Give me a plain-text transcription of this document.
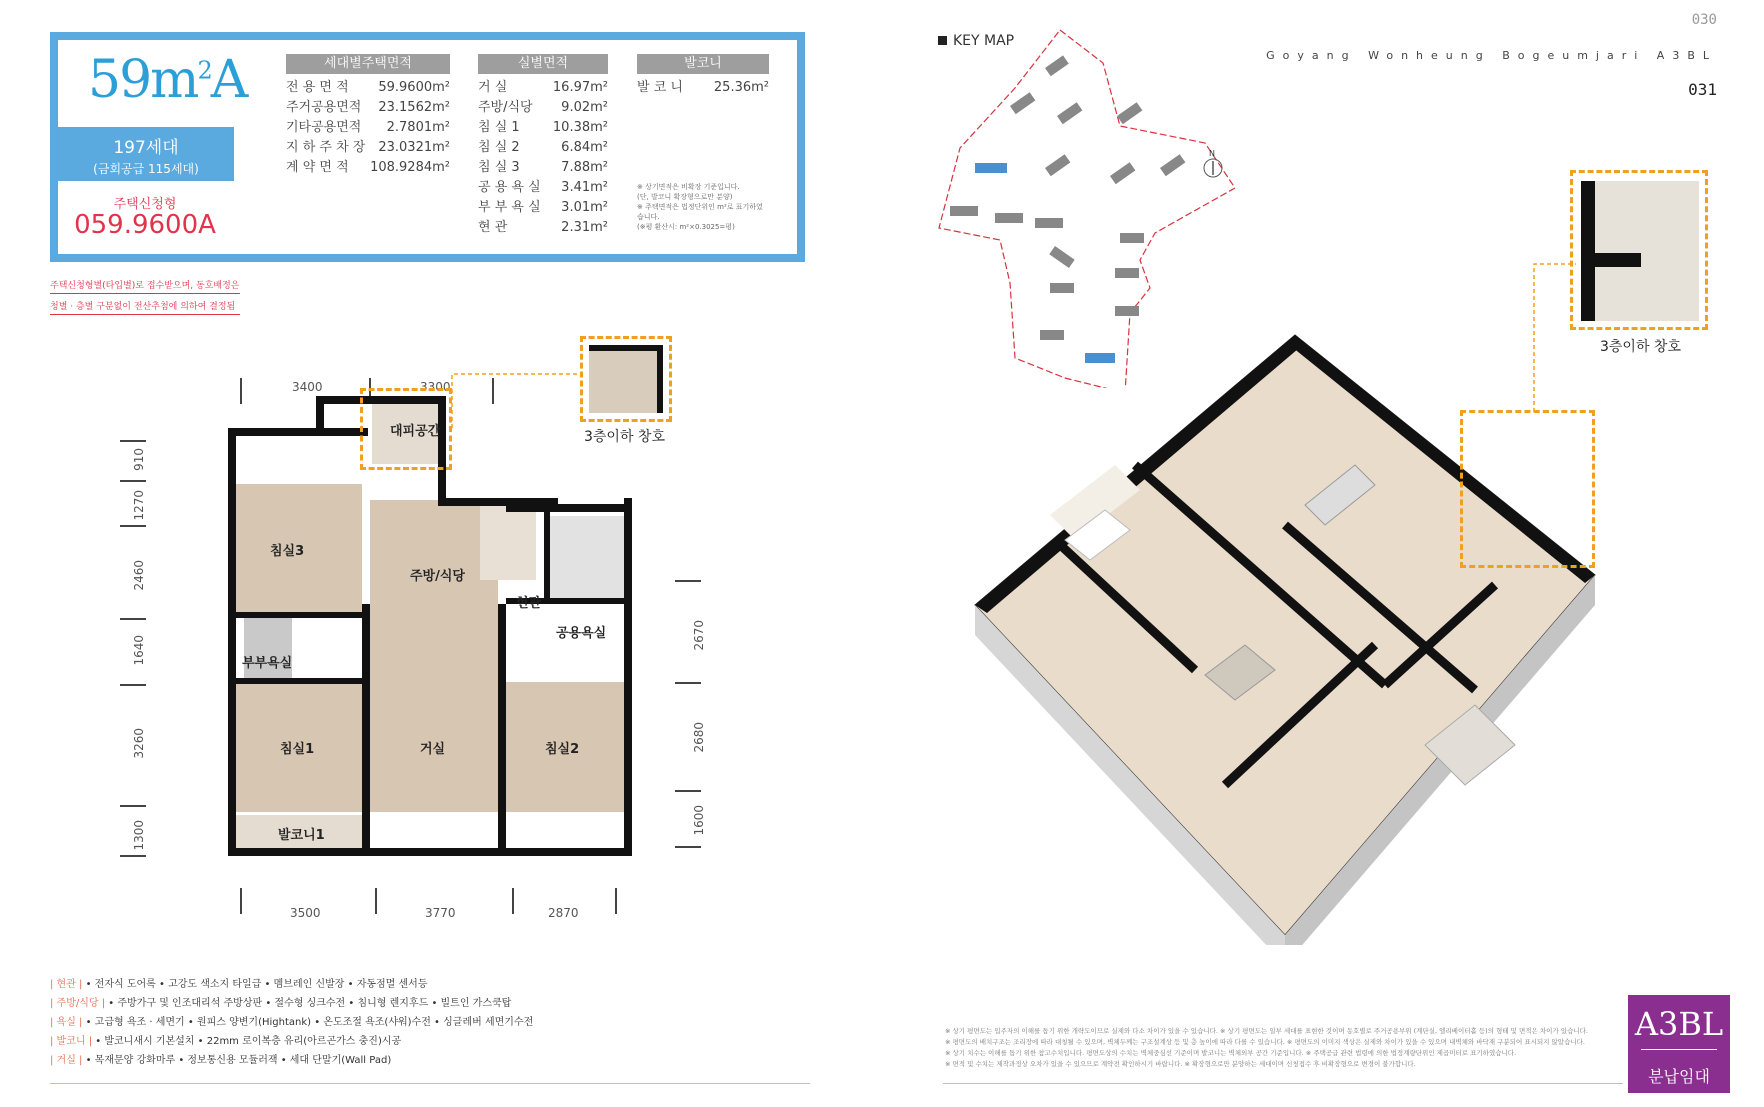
$59m^2A$
197세대
(금회공급 115세대)
주택신청형
059.9600A
세대별주택면적
전 용 면 적 59.9600m²
주거공용면적 23.1562m²
기타공용면적 2.7801m²
지 하 주 차 장 23.0321m²
계 약 면 적 108.9284m²
실별면적
거 실	16.97m²
주방/식당 9.02m²
침 실 1	10.38m²
침 실 2	6.84m²
침 실 3	7.88m²
공 용 욕 실 3.41m²
부 부 욕 실 3.01m²
현 관	2.31m²
발코니
발 코 니 25.36m²
※ 상기면적은 비확장 기준입니다.
(단, 발코니 확장형으로만 분양)
※ 주택면적은 법정단위인 m²로 표기하였습니다.
(※평 환산시: m²×0.3025=평)
주택신청형별(타입별)로 접수받으며, 동호배정은
청별 · 층별 구분없이 전산추첨에 의하여 결정됨
3400	3300
910
1270
2460
1640
3260
1300
2670
2680
1600
3500	3770	2870
3층이하 창호
대피공간
침실3
주방/식당
현관
부부욕실
공용욕실
침실1	거실	침실2
발코니1
| 현관 | • 전자식 도어록 • 고강도 색소지 타일급 • 멤브레인 신발장 • 자동점멸 센서등
| 주방/식당 | • 주방가구 및 인조대리석 주방상판 • 절수형 싱크수전 • 침니형 렌지후드 • 빌트인 가스쿡탑
| 욕실 | • 고급형 욕조 · 세면기 • 원피스 양변기(Hightank) • 온도조절 욕조(샤워)수전 • 싱글레버 세면기수전
| 발코니 | • 발코니새시 기본설치 • 22mm 로이복층 유리(아르곤가스 충진)시공
| 거실 | • 목재문양 강화마루 • 정보통신용 모듈러잭 • 세대 단말기(Wall Pad)
KEY MAP
030
Goyang Wonheung Bogeumjari A3BL
031
N
3층이하 창호
※ 상기 평면도는 입주자의 이해를 돕기 위한 개략도이므로 실제와 다소 차이가 있을 수 있습니다. ※ 상기 평면도는 일부 세대를 표현한 것이며 동호별로 주거공용부위 (계단실, 엘리베이터홀 등)의 형태 및 면적은 차이가 있습니다.
※ 평면도의 배치구조는 조리장에 따라 대칭될 수 있으며, 벽체두께는 구조설계상 등 및 층 높이에 따라 다를 수 있습니다. ※ 평면도의 이미지 색상은 실제와 차이가 있을 수 있으며 내벽체와 바닥재 구분되어 표시되지 않았습니다.
※ 상기 치수는 이해를 돕기 위한 참고수치입니다. 평면도상의 수치는 벽체중심선 기준이며 발코니는 벽체외부 공간 기준입니다. ※ 주택공급 관련 법령에 의한 법정계량단위인 제곱미터로 표기하였습니다.
※ 면적 및 수치는 제작과정상 오차가 있을 수 있으므로 계약전 확인하시기 바랍니다. ※ 확장형으로만 분양하는 세대이며 신청접수 후 비확장형으로 변경이 불가합니다.
A3BL
분납임대
